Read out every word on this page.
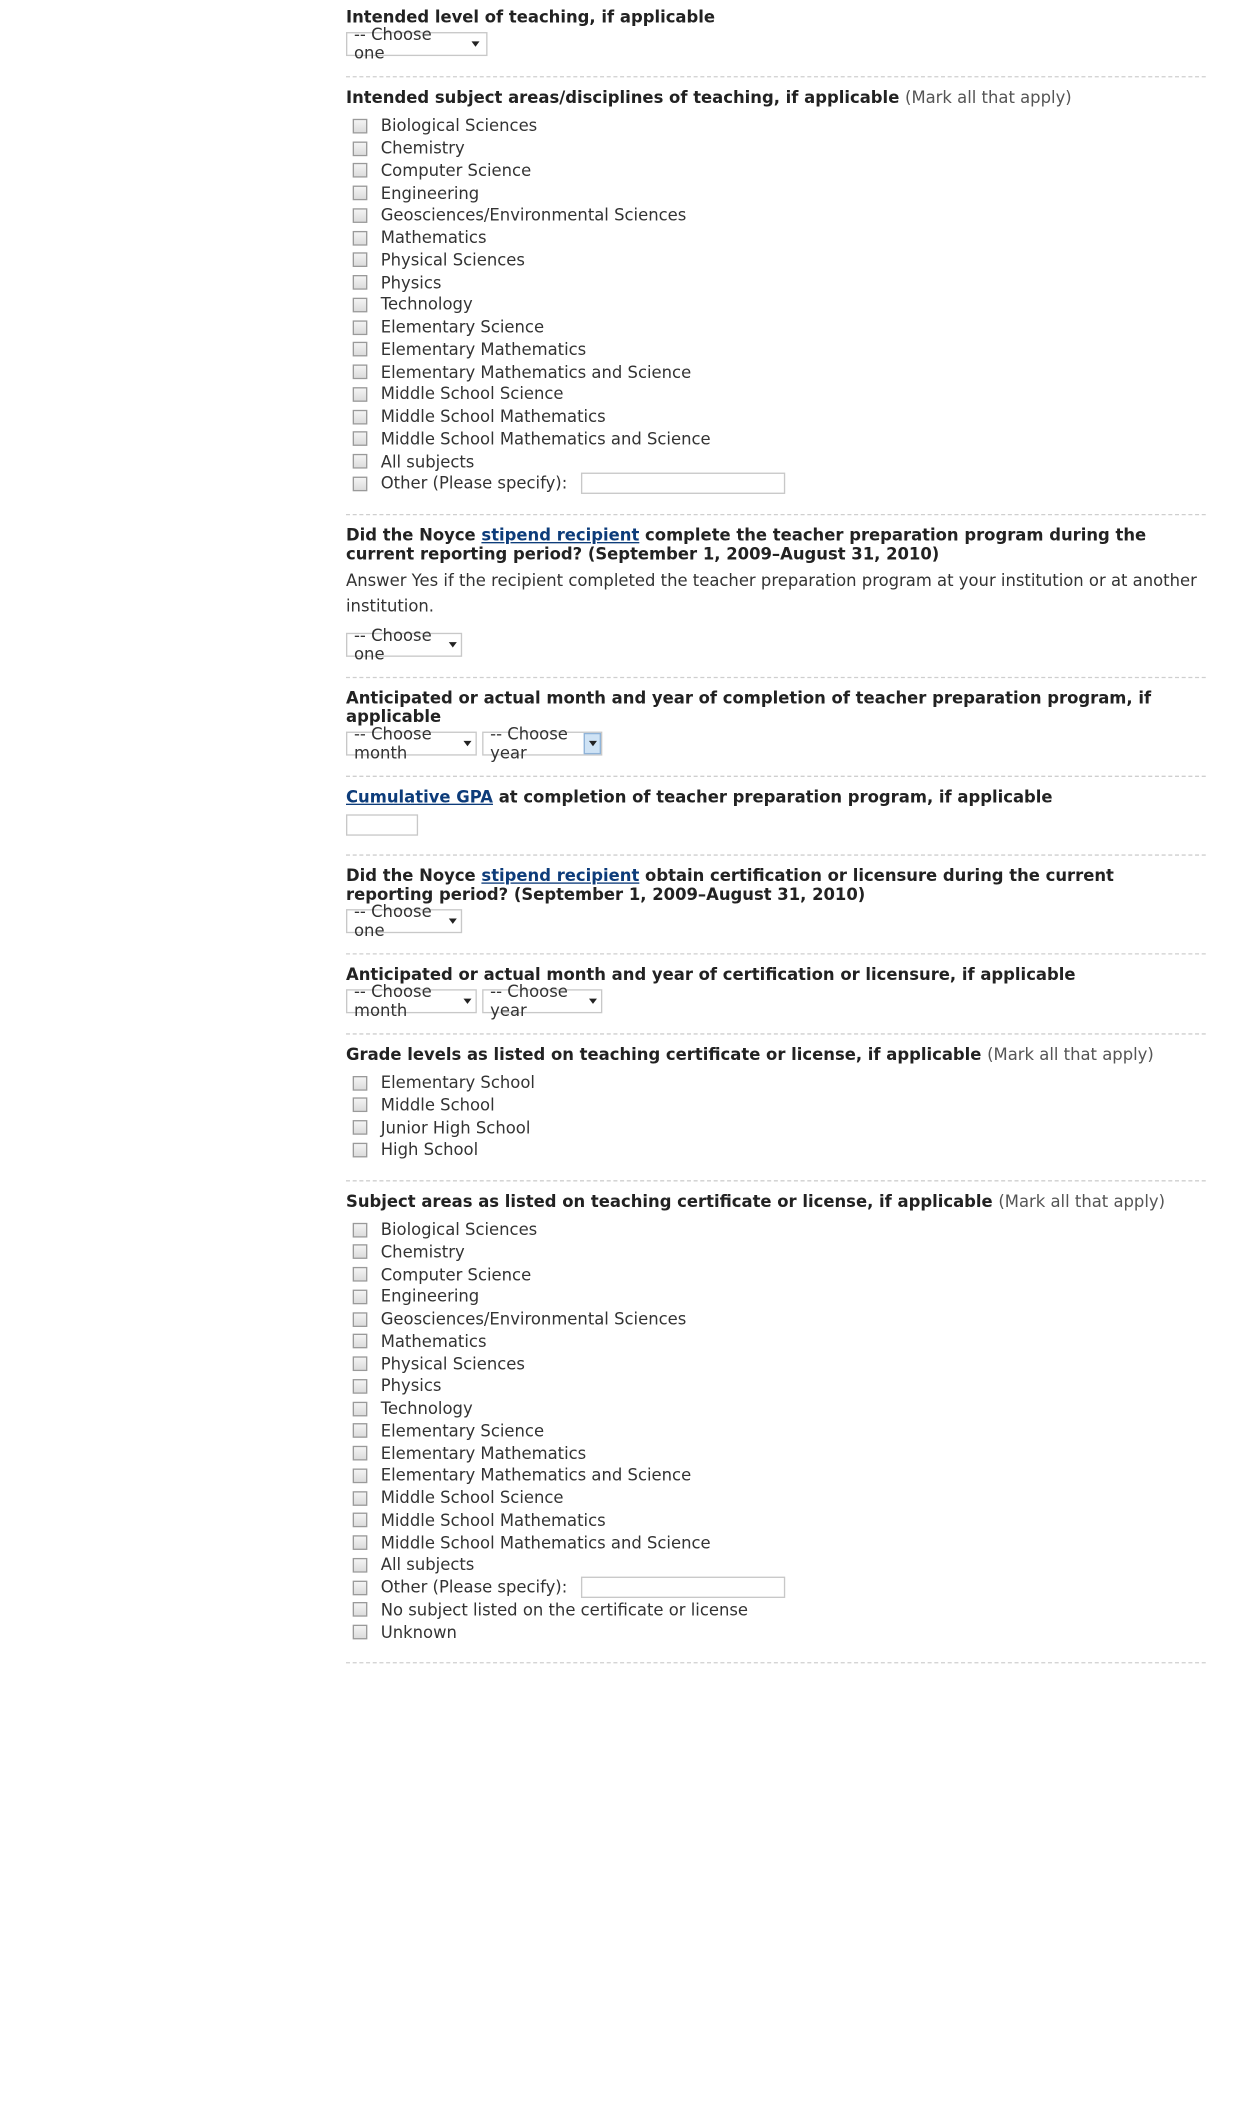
Intended level of teaching, if applicable

-- Choose one

Intended subject areas/disciplines of teaching, if applicable (Mark all that apply)

Biological Sciences
Chemistry
Computer Science
Engineering
Geosciences/Environmental Sciences
Mathematics
Physical Sciences
Physics
Technology
Elementary Science
Elementary Mathematics
Elementary Mathematics and Science
Middle School Science
Middle School Mathematics
Middle School Mathematics and Science
All subjects
Other (Please specify):

Did the Noyce stipend recipient complete the teacher preparation program during the current reporting period? (September 1, 2009–August 31, 2010)

Answer Yes if the recipient completed the teacher preparation program at your institution or at another institution.

-- Choose one

Anticipated or actual month and year of completion of teacher preparation program, if applicable

-- Choose month
-- Choose year

Cumulative GPA at completion of teacher preparation program, if applicable

Did the Noyce stipend recipient obtain certification or licensure during the current reporting period? (September 1, 2009–August 31, 2010)

-- Choose one

Anticipated or actual month and year of certification or licensure, if applicable

-- Choose month
-- Choose year

Grade levels as listed on teaching certificate or license, if applicable (Mark all that apply)

Elementary School
Middle School
Junior High School
High School

Subject areas as listed on teaching certificate or license, if applicable (Mark all that apply)

Biological Sciences
Chemistry
Computer Science
Engineering
Geosciences/Environmental Sciences
Mathematics
Physical Sciences
Physics
Technology
Elementary Science
Elementary Mathematics
Elementary Mathematics and Science
Middle School Science
Middle School Mathematics
Middle School Mathematics and Science
All subjects
Other (Please specify):
No subject listed on the certificate or license
Unknown
